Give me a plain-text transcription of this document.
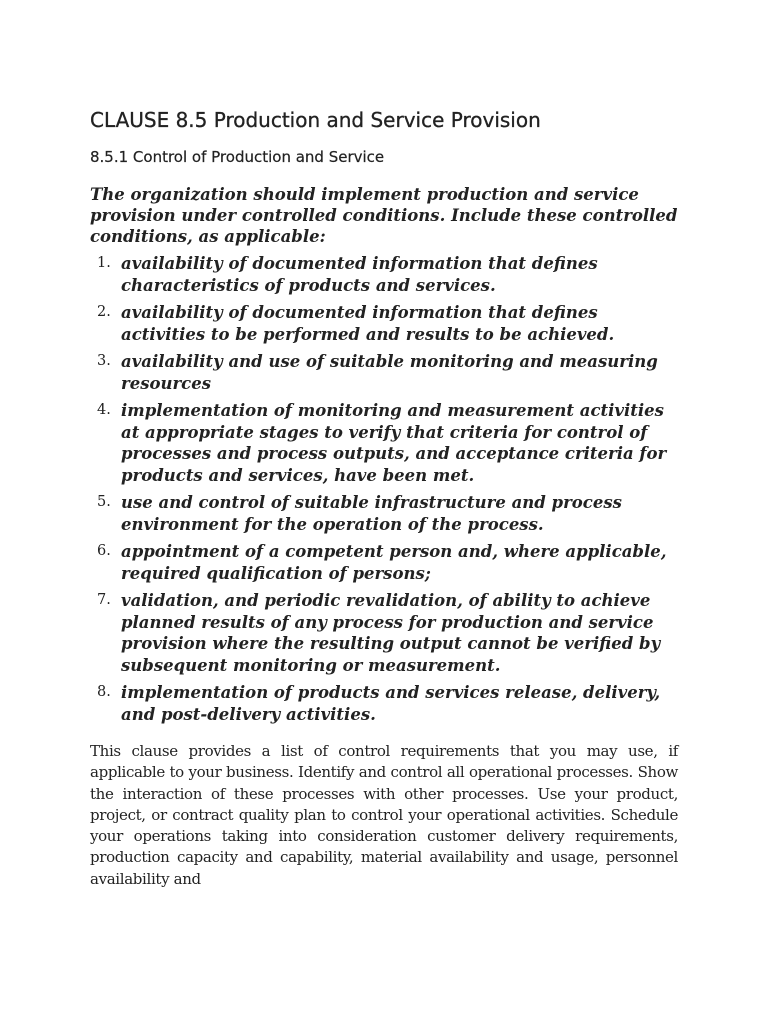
CLAUSE 8.5 Production and Service Provision
8.5.1 Control of Production and Service

The organization should implement production and service provision under controlled conditions. Include these controlled conditions, as applicable:

1. availability of documented information that defines characteristics of products and services.
2. availability of documented information that defines activities to be performed and results to be achieved.
3. availability and use of suitable monitoring and measuring resources
4. implementation of monitoring and measurement activities at appropriate stages to verify that criteria for control of processes and process outputs, and acceptance criteria for products and services, have been met.
5. use and control of suitable infrastructure and process environment for the operation of the process.
6. appointment of a competent person and, where applicable, required qualification of persons;
7. validation, and periodic revalidation, of ability to achieve planned results of any process for production and service provision where the resulting output cannot be verified by subsequent monitoring or measurement.
8. implementation of products and services release, delivery, and post-delivery activities.

This clause provides a list of control requirements that you may use, if applicable to your business. Identify and control all operational processes. Show the interaction of these processes with other processes. Use your product, project, or contract quality plan to control your operational activities. Schedule your operations taking into consideration customer delivery requirements, production capacity and capability, material availability and usage, personnel availability and
